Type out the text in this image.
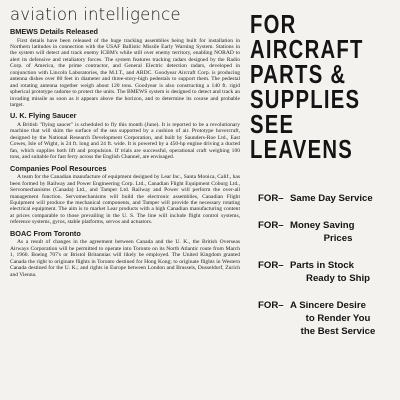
aviation intelligence
BMEWS Details Released

First details have been released of the huge tracking assemblies being built for installation in Northern latitudes in connection with the USAF Ballistic Missile Early Warning System. Stations in the system will detect and track enemy ICBM's while still over enemy territory, enabling NORAD to alert its defensive and retaliatory forces. The system features tracking radars designed by the Radio Corp. of America, the prime contractor, and General Electric detection radars, developed in conjunction with Lincoln Laboratories, the M.I.T., and ARDC. Goodyear Aircraft Corp. is producing antenna dishes over 80 feet in diameter and three-story-high pedestals to support them. The pedestal and rotating antenna together weigh about 120 tons. Goodyear is also constructing a 140 ft. rigid spherical prototype radome to protect the units. The BMEWS system is designed to detect and track an invading missile as soon as it appears above the horizon, and to determine its course and probable target.

U. K. Flying Saucer

A British "flying saucer" is scheduled to fly this month (June). It is reported to be a revolutionary machine that will skim the surface of the sea supported by a cushion of air. Prototype hovercraft, designed by the National Research Development Corporation, and built by Saunders-Roe Ltd., East Cowes, Isle of Wight, is 24 ft. long and 24 ft. wide. It is powered by a 450-hp engine driving a ducted fan, which supplies both lift and propulsion. If trials are successful, operational craft weighing 100 tons, and suitable for fast ferry across the English Channel, are envisaged.

Companies Pool Resources

A team for the Canadian manufacture of equipment designed by Lear Inc., Santa Monica, Calif., has been formed by Railway and Power Engineering Corp. Ltd., Canadian Flight Equipment Coburg Ltd., Servomechanisms (Canada) Ltd., and Tamper Ltd. Railway and Power will perform the over-all management function. Servomechanisms will build the electronic assemblies, Canadian Flight Equipment will produce the mechanical components, and Tamper will provide the necessary rotating electrical equipment. The aim is to market Lear products with a high Canadian manufacturing content at prices comparable to those prevailing in the U. S. The line will include flight control systems, reference systems, gyros, stable platforms, servos and actuators.

BOAC From Toronto

As a result of changes in the agreement between Canada and the U. K., the British Overseas Airways Corporation will be permitted to operate into Toronto on its North Atlantic route from March 1, 1960. Boeing 707's or Bristol Britannias will likely be employed. The United Kingdom granted Canada the right to originate flights in Toronto destined for Hong Kong; to originate flights in Western Canada destined for the U. K.; and rights in Europe between London and Brussels, Dusseldorf, Zurich and Vienna.

FOR
AIRCRAFT
PARTS &
SUPPLIES
SEE
LEAVENS
FOR– Same Day Service
FOR– Money Saving
Prices
FOR– Parts in Stock
Ready to Ship
FOR– A Sincere Desire
to Render You
the Best Service
